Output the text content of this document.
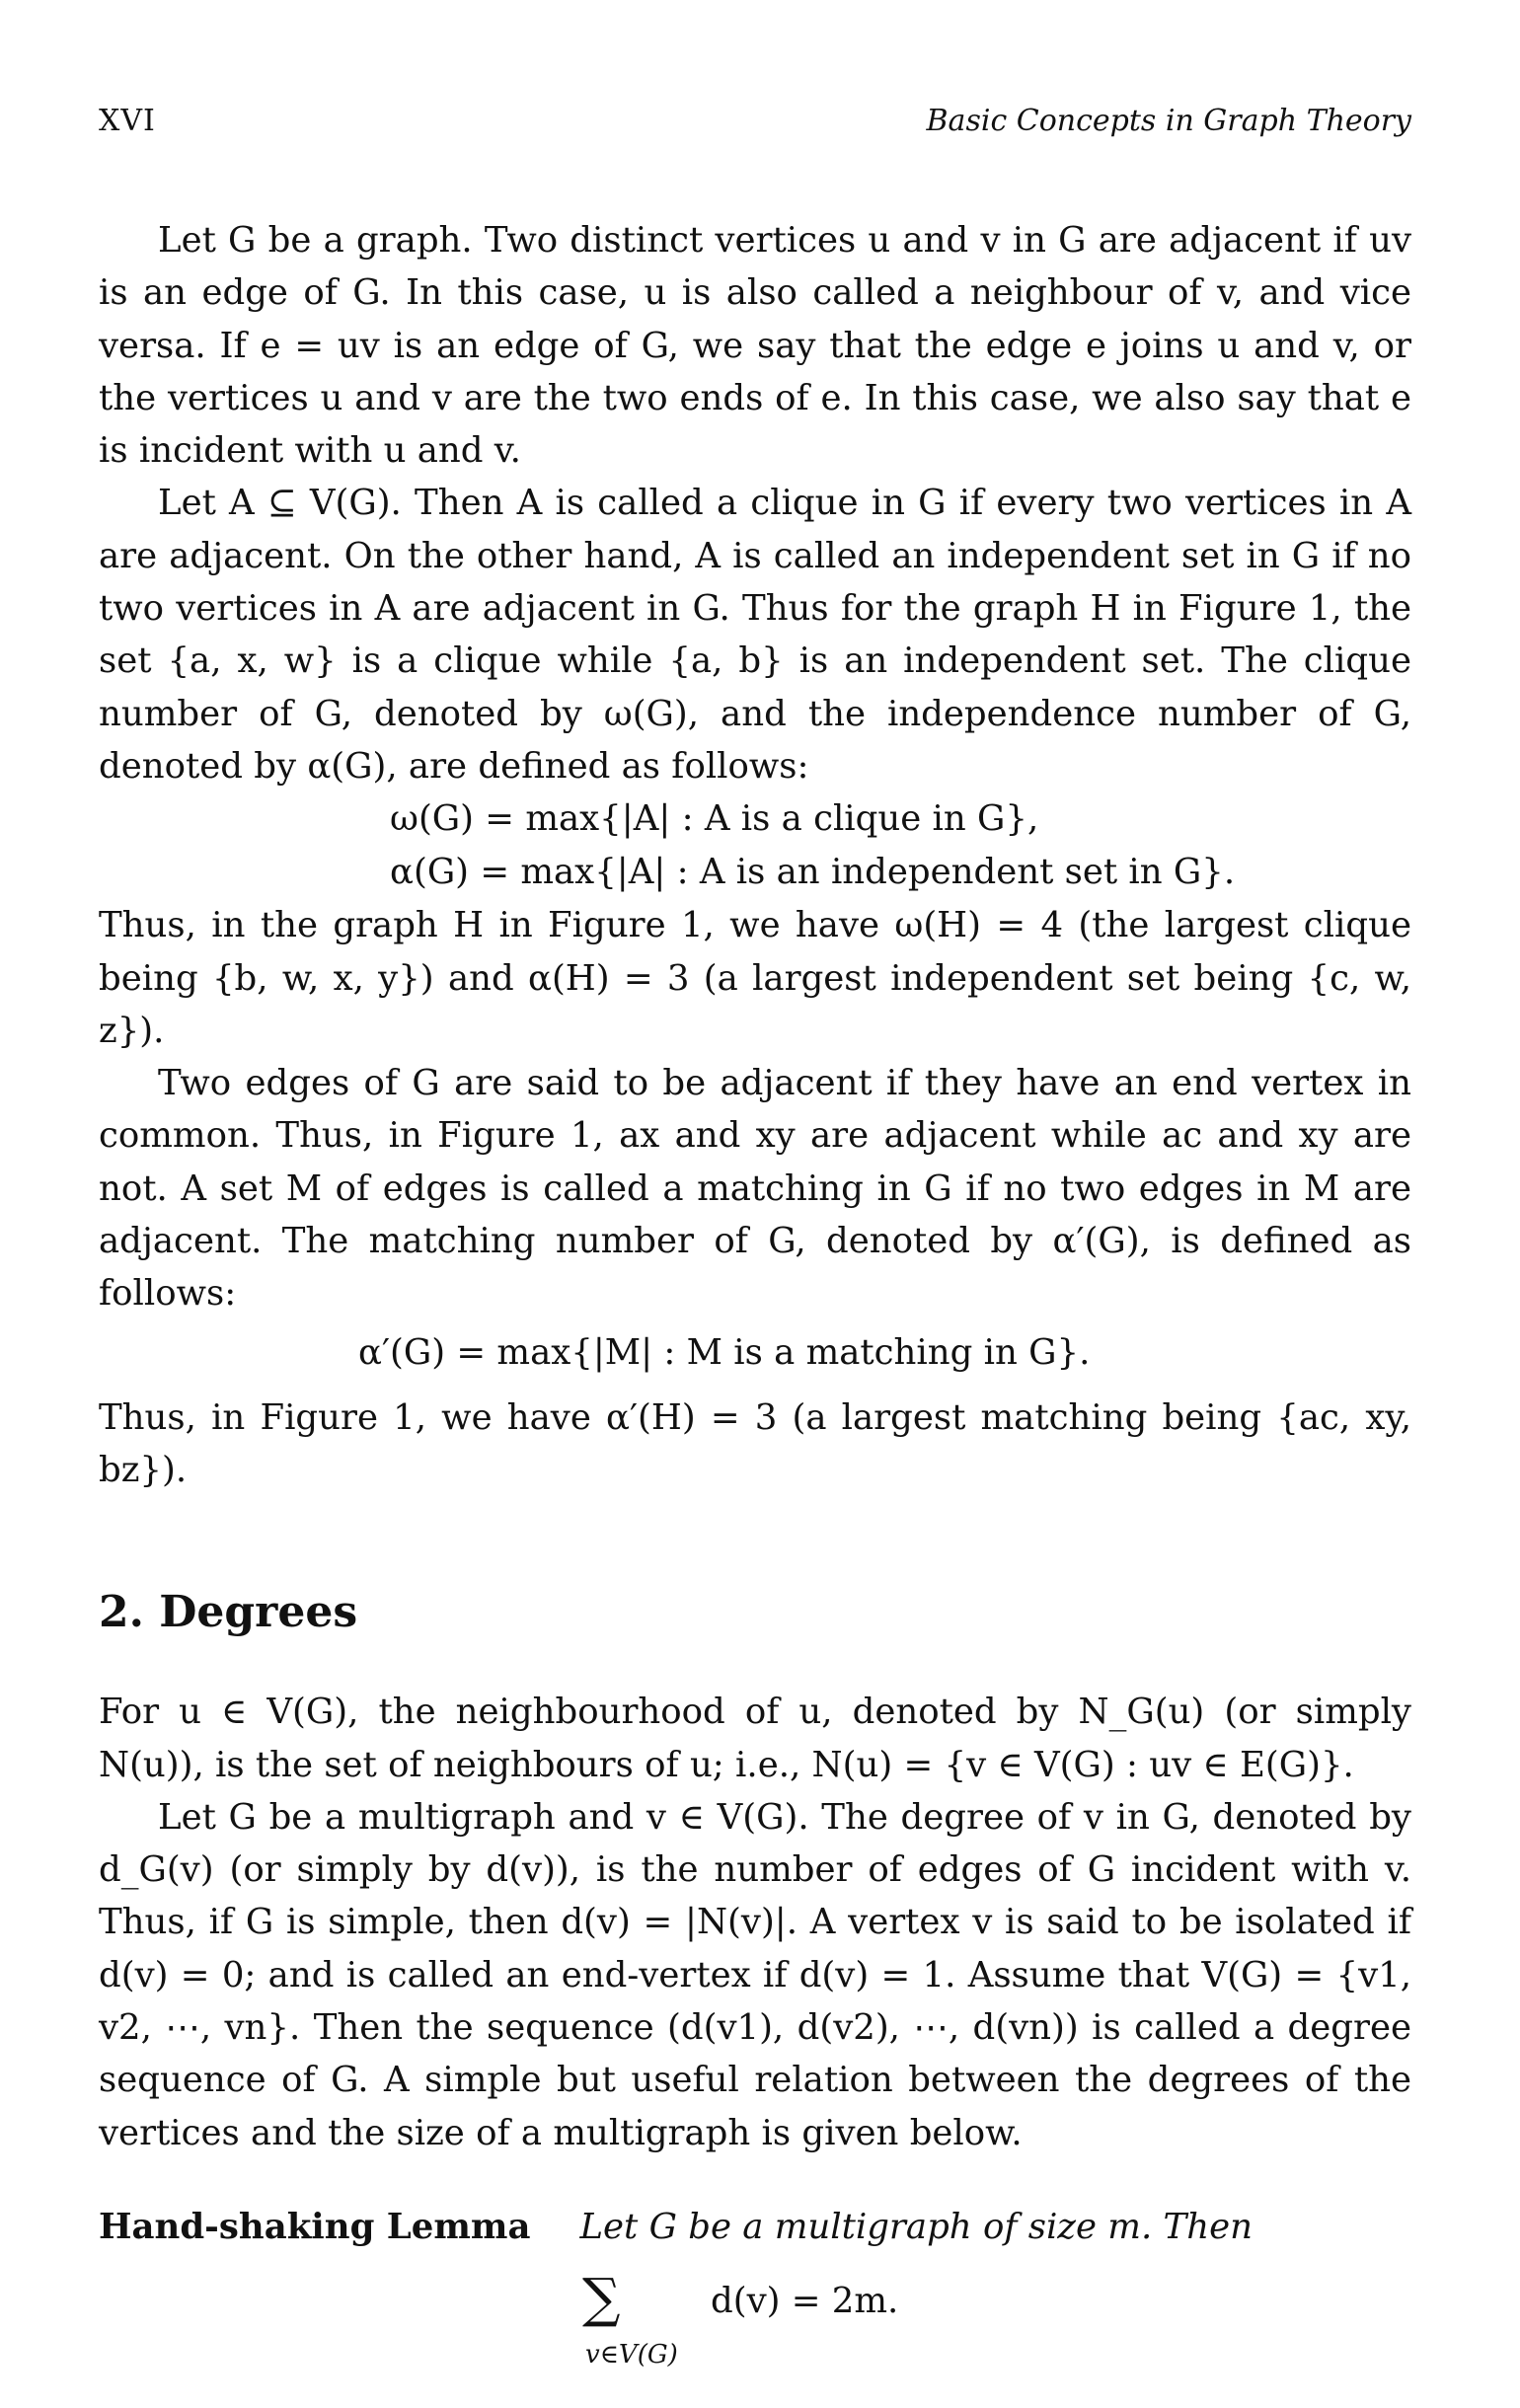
XVI	Basic Concepts in Graph Theory

Let G be a graph. Two distinct vertices u and v in G are adjacent if uv is an edge of G. In this case, u is also called a neighbour of v, and vice versa. If e = uv is an edge of G, we say that the edge e joins u and v, or the vertices u and v are the two ends of e. In this case, we also say that e is incident with u and v.

Let A ⊆ V(G). Then A is called a clique in G if every two vertices in A are adjacent. On the other hand, A is called an independent set in G if no two vertices in A are adjacent in G. Thus for the graph H in Figure 1, the set {a, x, w} is a clique while {a, b} is an independent set. The clique number of G, denoted by ω(G), and the independence number of G, denoted by α(G), are defined as follows:

ω(G) = max{|A| : A is a clique in G},
α(G) = max{|A| : A is an independent set in G}.

Thus, in the graph H in Figure 1, we have ω(H) = 4 (the largest clique being {b, w, x, y}) and α(H) = 3 (a largest independent set being {c, w, z}).

Two edges of G are said to be adjacent if they have an end vertex in common. Thus, in Figure 1, ax and xy are adjacent while ac and xy are not. A set M of edges is called a matching in G if no two edges in M are adjacent. The matching number of G, denoted by α′(G), is defined as follows:

α′(G) = max{|M| : M is a matching in G}.

Thus, in Figure 1, we have α′(H) = 3 (a largest matching being {ac, xy, bz}).

2. Degrees

For u ∈ V(G), the neighbourhood of u, denoted by N_G(u) (or simply N(u)), is the set of neighbours of u; i.e., N(u) = {v ∈ V(G) : uv ∈ E(G)}.

Let G be a multigraph and v ∈ V(G). The degree of v in G, denoted by d_G(v) (or simply by d(v)), is the number of edges of G incident with v. Thus, if G is simple, then d(v) = |N(v)|. A vertex v is said to be isolated if d(v) = 0; and is called an end-vertex if d(v) = 1. Assume that V(G) = {v1, v2, ⋯, vn}. Then the sequence (d(v1), d(v2), ⋯, d(vn)) is called a degree sequence of G. A simple but useful relation between the degrees of the vertices and the size of a multigraph is given below.

Hand-shaking Lemma Let G be a multigraph of size m. Then
∑	d(v) = 2m.
v∈V(G)
